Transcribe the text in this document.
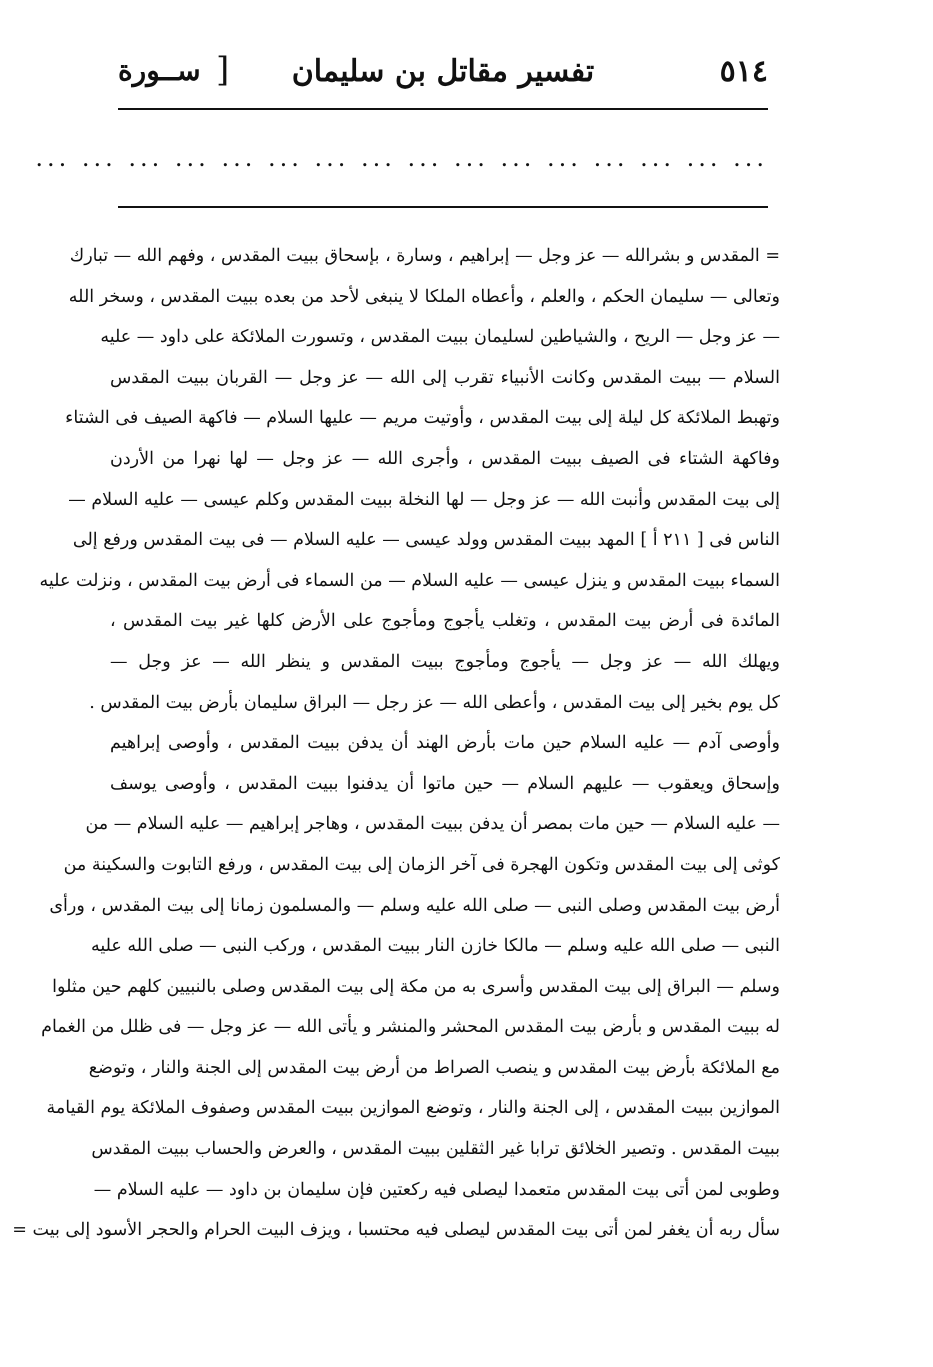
٥١٤
تفسير مقاتل بن سليمان
[
ســورة
... ... ... ... ... ... ... ... ... ... ... ... ... ... ... ...
= المقدس و بشرالله — عز وجل — إبراهيم ، وسارة ، بإسحاق ببيت المقدس ، وفهم الله — تبارك
وتعالى — سليمان الحكم ، والعلم ، وأعطاه الملكا لا ينبغى لأحد من بعده ببيت المقدس ، وسخر الله
— عز وجل — الريح ، والشياطين لسليمان ببيت المقدس ، وتسورت الملائكة على داود — عليه
السلام — ببيت المقدس وكانت الأنبياء تقرب إلى الله — عز وجل — القربان ببيت المقدس
وتهبط الملائكة كل ليلة إلى بيت المقدس ، وأوتيت مريم — عليها السلام — فاكهة الصيف فى الشتاء
وفاكهة الشتاء فى الصيف ببيت المقدس ، وأجرى الله — عز وجل — لها نهرا من الأردن
إلى بيت المقدس وأنبت الله — عز وجل — لها النخلة ببيت المقدس وكلم عيسى — عليه السلام —
الناس فى [ ٢١١ أ ] المهد ببيت المقدس وولد عيسى — عليه السلام — فى بيت المقدس ورفع إلى
السماء ببيت المقدس و ينزل عيسى — عليه السلام — من السماء فى أرض بيت المقدس ، ونزلت عليه
المائدة فى أرض بيت المقدس ، وتغلب يأجوج ومأجوج على الأرض كلها غير بيت المقدس ،
ويهلك الله — عز وجل — يأجوج ومأجوج ببيت المقدس و ينظر الله — عز وجل —
كل يوم بخير إلى بيت المقدس ، وأعطى الله — عز رجل — البراق سليمان بأرض بيت المقدس .
وأوصى آدم — عليه السلام حين مات بأرض الهند أن يدفن ببيت المقدس ، وأوصى إبراهيم
وإسحاق ويعقوب — عليهم السلام — حين ماتوا أن يدفنوا ببيت المقدس ، وأوصى يوسف
— عليه السلام — حين مات بمصر أن يدفن ببيت المقدس ، وهاجر إبراهيم — عليه السلام — من
كوثى إلى بيت المقدس وتكون الهجرة فى آخر الزمان إلى بيت المقدس ، ورفع التابوت والسكينة من
أرض بيت المقدس وصلى النبى — صلى الله عليه وسلم — والمسلمون زمانا إلى بيت المقدس ، ورأى
النبى — صلى الله عليه وسلم — مالكا خازن النار ببيت المقدس ، وركب النبى — صلى الله عليه
وسلم — البراق إلى بيت المقدس وأسرى به من مكة إلى بيت المقدس وصلى بالنبيين كلهم حين مثلوا
له ببيت المقدس و بأرض بيت المقدس المحشر والمنشر و يأتى الله — عز وجل — فى ظلل من الغمام
مع الملائكة بأرض بيت المقدس و ينصب الصراط من أرض بيت المقدس إلى الجنة والنار ، وتوضع
الموازين ببيت المقدس ، إلى الجنة والنار ، وتوضع الموازين ببيت المقدس وصفوف الملائكة يوم القيامة
ببيت المقدس . وتصير الخلائق ترابا غير الثقلين ببيت المقدس ، والعرض والحساب ببيت المقدس
وطوبى لمن أتى بيت المقدس متعمدا ليصلى فيه ركعتين فإن سليمان بن داود — عليه السلام —
سأل ربه أن يغفر لمن أتى بيت المقدس ليصلى فيه محتسبا ، ويزف البيت الحرام والحجر الأسود إلى بيت =
